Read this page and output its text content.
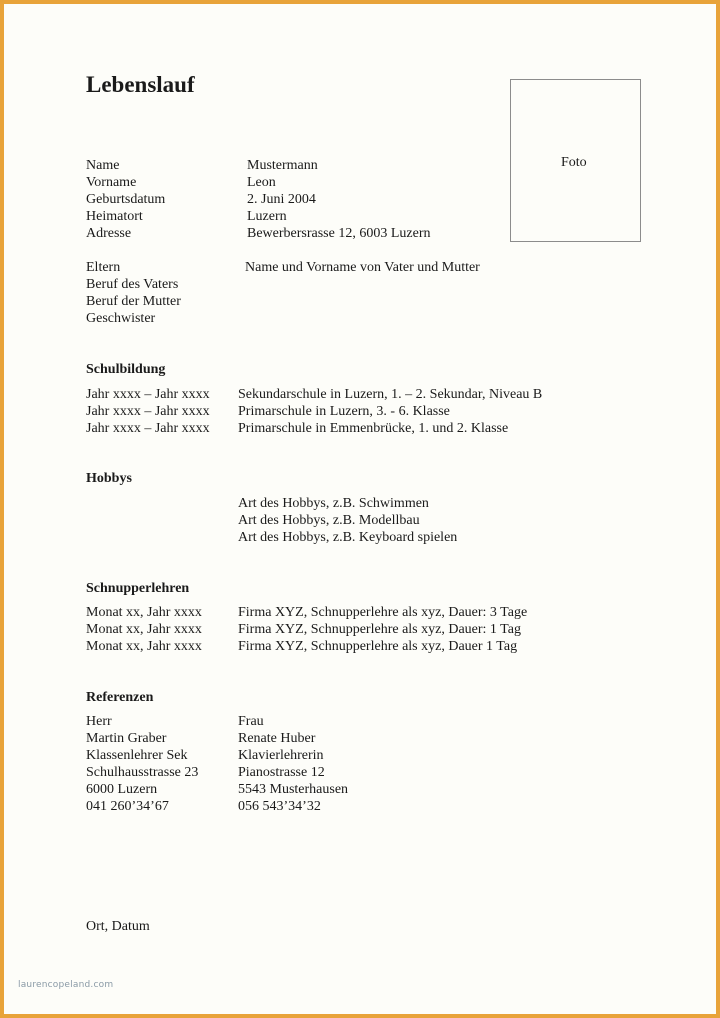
Lebenslauf
Foto
Name	Mustermann
Vorname	Leon
Geburtsdatum	2. Juni 2004
Heimatort	Luzern
Adresse	Bewerbersrasse 12, 6003 Luzern
Eltern	Name und Vorname von Vater und Mutter
Beruf des Vaters
Beruf der Mutter
Geschwister
Schulbildung
Jahr xxxx – Jahr xxxx Sekundarschule in Luzern, 1. – 2. Sekundar, Niveau B
Jahr xxxx – Jahr xxxx Primarschule in Luzern, 3. - 6. Klasse
Jahr xxxx – Jahr xxxx Primarschule in Emmenbrücke, 1. und 2. Klasse
Hobbys
Art des Hobbys, z.B. Schwimmen
Art des Hobbys, z.B. Modellbau
Art des Hobbys, z.B. Keyboard spielen
Schnupperlehren
Monat xx, Jahr xxxx	Firma XYZ, Schnupperlehre als xyz, Dauer: 3 Tage
Monat xx, Jahr xxxx	Firma XYZ, Schnupperlehre als xyz, Dauer: 1 Tag
Monat xx, Jahr xxxx	Firma XYZ, Schnupperlehre als xyz, Dauer 1 Tag
Referenzen
Herr	Frau
Martin Graber	Renate Huber
Klassenlehrer Sek	Klavierlehrerin
Schulhausstrasse 23	Pianostrasse 12
6000 Luzern	5543 Musterhausen
041 260’34’67	056 543’34’32
Ort, Datum
laurencopeland.com
